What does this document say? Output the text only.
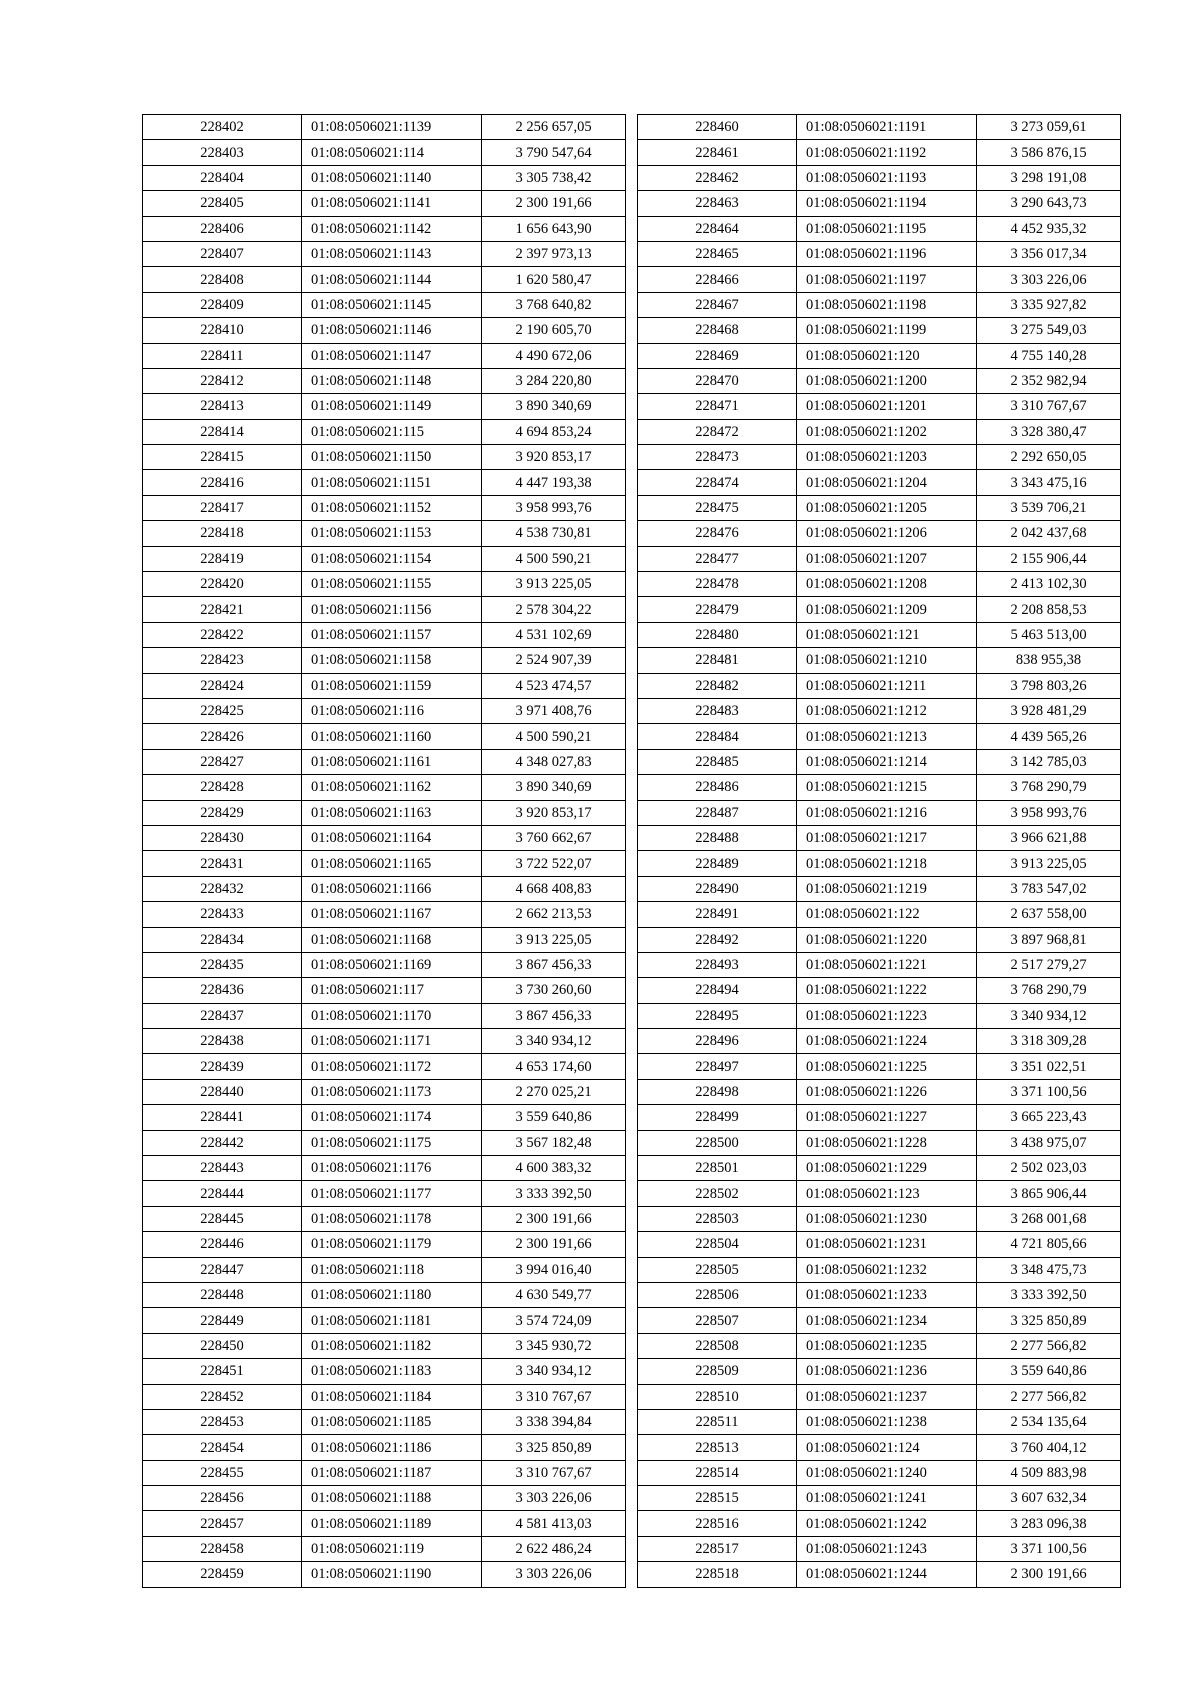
228402	01:08:0506021:1139	2 256 657,05
228403	01:08:0506021:114	3 790 547,64
228404	01:08:0506021:1140	3 305 738,42
228405	01:08:0506021:1141	2 300 191,66
228406	01:08:0506021:1142	1 656 643,90
228407	01:08:0506021:1143	2 397 973,13
228408	01:08:0506021:1144	1 620 580,47
228409	01:08:0506021:1145	3 768 640,82
228410	01:08:0506021:1146	2 190 605,70
228411	01:08:0506021:1147	4 490 672,06
228412	01:08:0506021:1148	3 284 220,80
228413	01:08:0506021:1149	3 890 340,69
228414	01:08:0506021:115	4 694 853,24
228415	01:08:0506021:1150	3 920 853,17
228416	01:08:0506021:1151	4 447 193,38
228417	01:08:0506021:1152	3 958 993,76
228418	01:08:0506021:1153	4 538 730,81
228419	01:08:0506021:1154	4 500 590,21
228420	01:08:0506021:1155	3 913 225,05
228421	01:08:0506021:1156	2 578 304,22
228422	01:08:0506021:1157	4 531 102,69
228423	01:08:0506021:1158	2 524 907,39
228424	01:08:0506021:1159	4 523 474,57
228425	01:08:0506021:116	3 971 408,76
228426	01:08:0506021:1160	4 500 590,21
228427	01:08:0506021:1161	4 348 027,83
228428	01:08:0506021:1162	3 890 340,69
228429	01:08:0506021:1163	3 920 853,17
228430	01:08:0506021:1164	3 760 662,67
228431	01:08:0506021:1165	3 722 522,07
228432	01:08:0506021:1166	4 668 408,83
228433	01:08:0506021:1167	2 662 213,53
228434	01:08:0506021:1168	3 913 225,05
228435	01:08:0506021:1169	3 867 456,33
228436	01:08:0506021:117	3 730 260,60
228437	01:08:0506021:1170	3 867 456,33
228438	01:08:0506021:1171	3 340 934,12
228439	01:08:0506021:1172	4 653 174,60
228440	01:08:0506021:1173	2 270 025,21
228441	01:08:0506021:1174	3 559 640,86
228442	01:08:0506021:1175	3 567 182,48
228443	01:08:0506021:1176	4 600 383,32
228444	01:08:0506021:1177	3 333 392,50
228445	01:08:0506021:1178	2 300 191,66
228446	01:08:0506021:1179	2 300 191,66
228447	01:08:0506021:118	3 994 016,40
228448	01:08:0506021:1180	4 630 549,77
228449	01:08:0506021:1181	3 574 724,09
228450	01:08:0506021:1182	3 345 930,72
228451	01:08:0506021:1183	3 340 934,12
228452	01:08:0506021:1184	3 310 767,67
228453	01:08:0506021:1185	3 338 394,84
228454	01:08:0506021:1186	3 325 850,89
228455	01:08:0506021:1187	3 310 767,67
228456	01:08:0506021:1188	3 303 226,06
228457	01:08:0506021:1189	4 581 413,03
228458	01:08:0506021:119	2 622 486,24
228459	01:08:0506021:1190	3 303 226,06
228460	01:08:0506021:1191	3 273 059,61
228461	01:08:0506021:1192	3 586 876,15
228462	01:08:0506021:1193	3 298 191,08
228463	01:08:0506021:1194	3 290 643,73
228464	01:08:0506021:1195	4 452 935,32
228465	01:08:0506021:1196	3 356 017,34
228466	01:08:0506021:1197	3 303 226,06
228467	01:08:0506021:1198	3 335 927,82
228468	01:08:0506021:1199	3 275 549,03
228469	01:08:0506021:120	4 755 140,28
228470	01:08:0506021:1200	2 352 982,94
228471	01:08:0506021:1201	3 310 767,67
228472	01:08:0506021:1202	3 328 380,47
228473	01:08:0506021:1203	2 292 650,05
228474	01:08:0506021:1204	3 343 475,16
228475	01:08:0506021:1205	3 539 706,21
228476	01:08:0506021:1206	2 042 437,68
228477	01:08:0506021:1207	2 155 906,44
228478	01:08:0506021:1208	2 413 102,30
228479	01:08:0506021:1209	2 208 858,53
228480	01:08:0506021:121	5 463 513,00
228481	01:08:0506021:1210	838 955,38
228482	01:08:0506021:1211	3 798 803,26
228483	01:08:0506021:1212	3 928 481,29
228484	01:08:0506021:1213	4 439 565,26
228485	01:08:0506021:1214	3 142 785,03
228486	01:08:0506021:1215	3 768 290,79
228487	01:08:0506021:1216	3 958 993,76
228488	01:08:0506021:1217	3 966 621,88
228489	01:08:0506021:1218	3 913 225,05
228490	01:08:0506021:1219	3 783 547,02
228491	01:08:0506021:122	2 637 558,00
228492	01:08:0506021:1220	3 897 968,81
228493	01:08:0506021:1221	2 517 279,27
228494	01:08:0506021:1222	3 768 290,79
228495	01:08:0506021:1223	3 340 934,12
228496	01:08:0506021:1224	3 318 309,28
228497	01:08:0506021:1225	3 351 022,51
228498	01:08:0506021:1226	3 371 100,56
228499	01:08:0506021:1227	3 665 223,43
228500	01:08:0506021:1228	3 438 975,07
228501	01:08:0506021:1229	2 502 023,03
228502	01:08:0506021:123	3 865 906,44
228503	01:08:0506021:1230	3 268 001,68
228504	01:08:0506021:1231	4 721 805,66
228505	01:08:0506021:1232	3 348 475,73
228506	01:08:0506021:1233	3 333 392,50
228507	01:08:0506021:1234	3 325 850,89
228508	01:08:0506021:1235	2 277 566,82
228509	01:08:0506021:1236	3 559 640,86
228510	01:08:0506021:1237	2 277 566,82
228511	01:08:0506021:1238	2 534 135,64
228513	01:08:0506021:124	3 760 404,12
228514	01:08:0506021:1240	4 509 883,98
228515	01:08:0506021:1241	3 607 632,34
228516	01:08:0506021:1242	3 283 096,38
228517	01:08:0506021:1243	3 371 100,56
228518	01:08:0506021:1244	2 300 191,66
